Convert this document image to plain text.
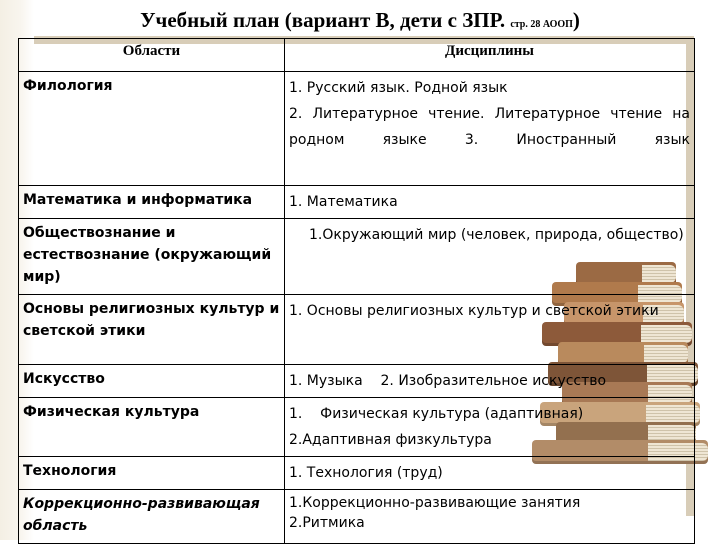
Учебный план (вариант В, дети с ЗПР. стр. 28 АООП)
Области	Дисциплины
Филология	1. Русский язык. Родной язык
2. Литературное чтение. Литературное чтение на родном языке 3. Иностранный язык

Математика и информатика	1. Математика

Обществознание и естествознание (окружающий мир)	1.Окружающий мир (человек, природа, общество)

Основы религиозных культур и светской этики	1. Основы религиозных культур и светской этики

Искусство	1. Музыка    2. Изобразительное искусство

Физическая культура	1.    Физическая культура (адаптивная)
2.Адаптивная физкультура

Технология	1. Технология (труд)

Коррекционно-развивающая область	1.Коррекционно-развивающие занятия
2.Ритмика
